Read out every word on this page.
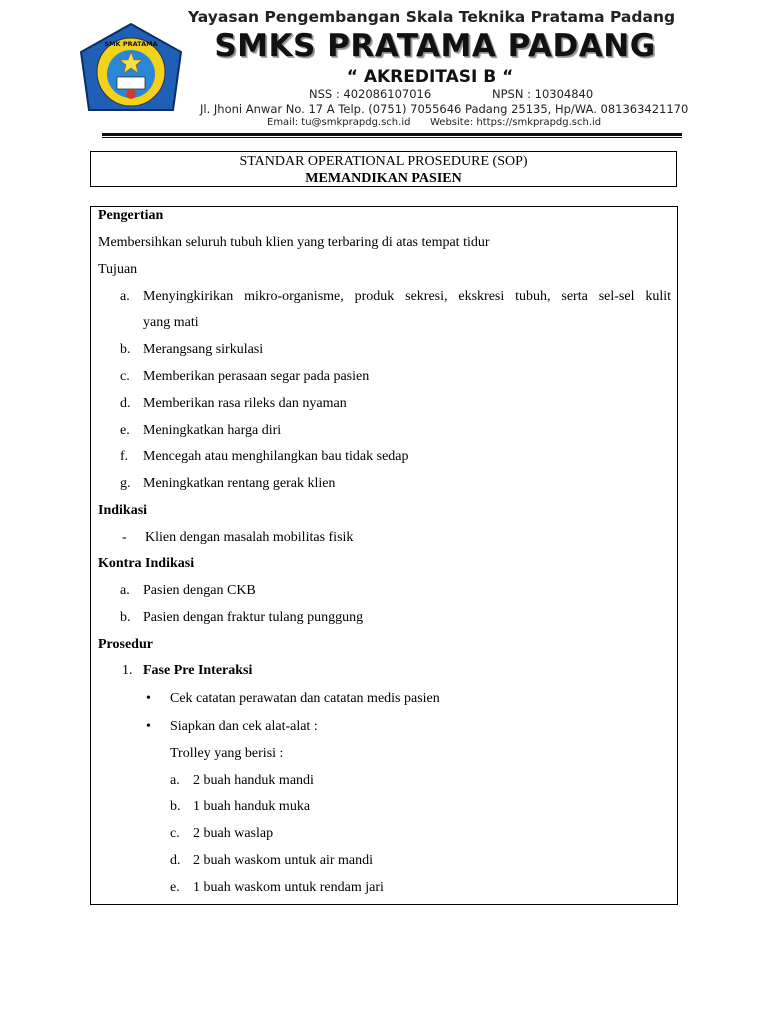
SMK PRATAMA
Yayasan Pengembangan Skala Teknika Pratama Padang
SMKS PRATAMA PADANG
“ AKREDITASI B “
NSS : 402086107016	NPSN : 10304840
Jl. Jhoni Anwar No. 17 A Telp. (0751) 7055646 Padang 25135, Hp/WA. 081363421170
Email: tu@smkprapdg.sch.id Website: https://smkprapdg.sch.id
STANDAR OPERATIONAL PROSEDURE (SOP)
MEMANDIKAN PASIEN
Pengertian
Membersihkan seluruh tubuh klien yang terbaring di atas tempat tidur
Tujuan
a. Menyingkirikan mikro-organisme, produk sekresi, ekskresi tubuh, serta sel-sel kulit
yang mati
b. Merangsang sirkulasi
c. Memberikan perasaan segar pada pasien
d. Memberikan rasa rileks dan nyaman
e. Meningkatkan harga diri
f. Mencegah atau menghilangkan bau tidak sedap
g. Meningkatkan rentang gerak klien
Indikasi
- Klien dengan masalah mobilitas fisik
Kontra Indikasi
a. Pasien dengan CKB
b. Pasien dengan fraktur tulang punggung
Prosedur
1. Fase Pre Interaksi
• Cek catatan perawatan dan catatan medis pasien
• Siapkan dan cek alat-alat :
Trolley yang berisi :
a. 2 buah handuk mandi
b. 1 buah handuk muka
c. 2 buah waslap
d. 2 buah waskom untuk air mandi
e. 1 buah waskom untuk rendam jari
